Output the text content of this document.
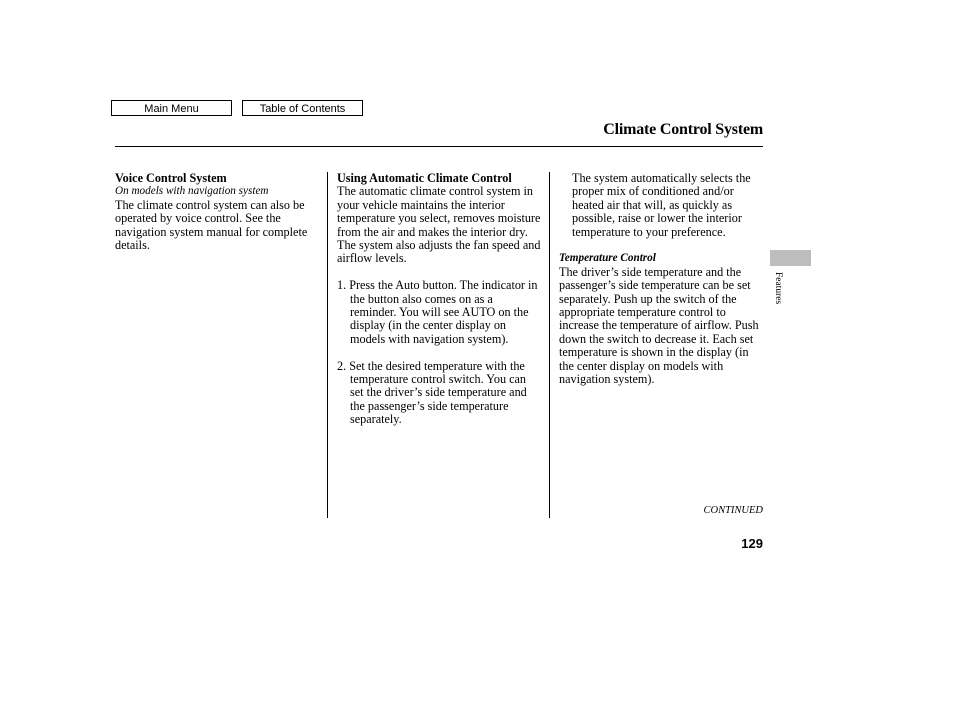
Main Menu	Table of Contents
Climate Control System

Voice Control System

On models with navigation system

The climate control system can also be operated by voice control. See the navigation system manual for complete details.

Using Automatic Climate Control

The automatic climate control system in your vehicle maintains the interior temperature you select, removes moisture from the air and makes the interior dry. The system also adjusts the fan speed and airflow levels.

1. Press the Auto button. The indicator in the button also comes on as a reminder. You will see AUTO on the display (in the center display on models with navigation system).

2. Set the desired temperature with the temperature control switch. You can set the driver’s side temperature and the passenger’s side temperature separately.

The system automatically selects the proper mix of conditioned and/or heated air that will, as quickly as possible, raise or lower the interior temperature to your preference.

Temperature Control

The driver’s side temperature and the passenger’s side temperature can be set separately. Push up the switch of the appropriate temperature control to increase the temperature of airflow. Push down the switch to decrease it. Each set temperature is shown in the display (in the center display on models with navigation system).

Features
CONTINUED
129
